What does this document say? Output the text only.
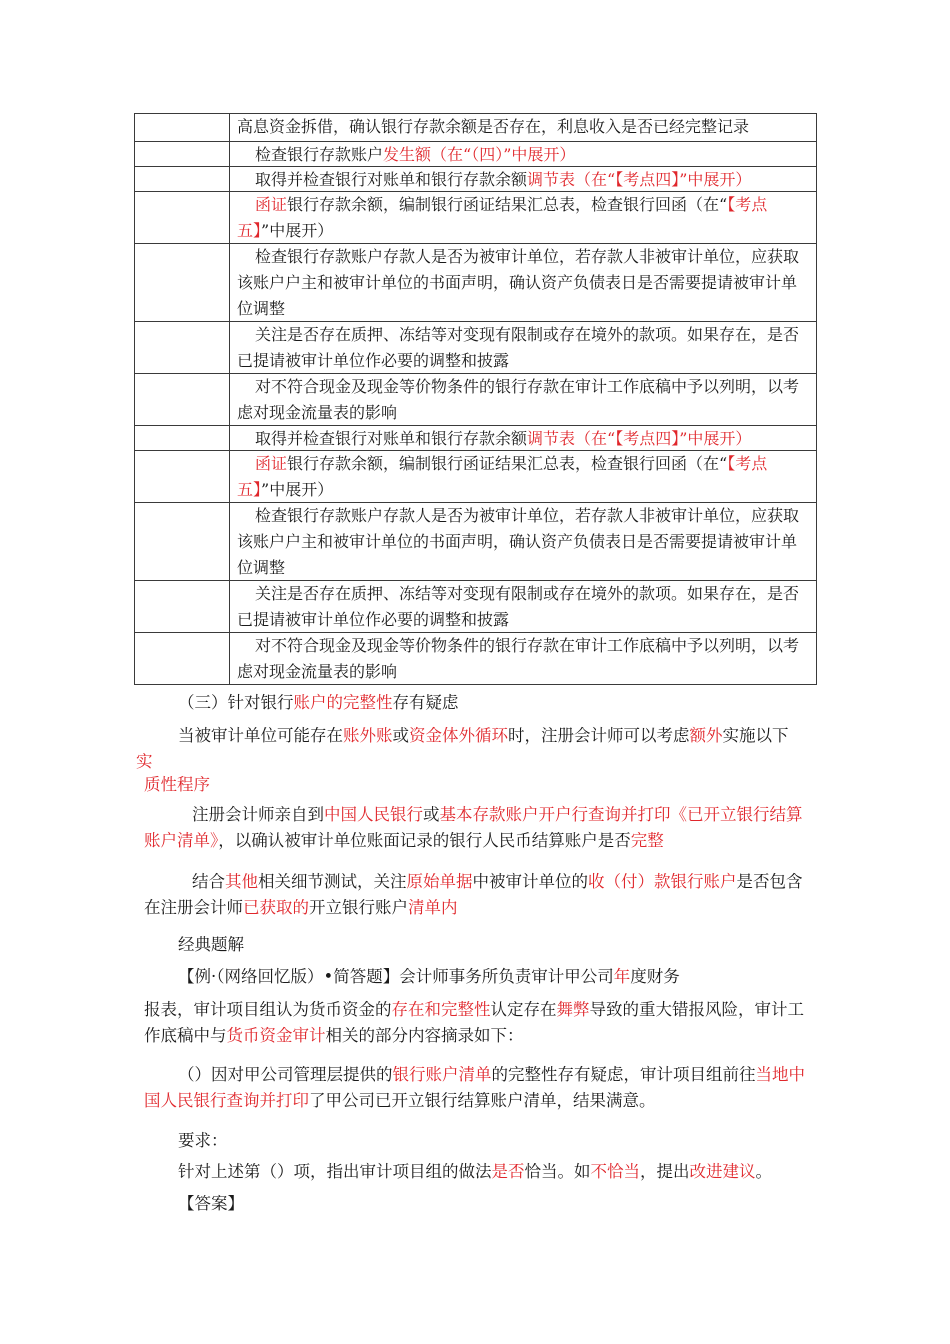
	高息资金拆借，确认银行存款余额是否存在，利息收入是否已经完整记录

	检查银行存款账户发生额（在“（四）”中展开）

	取得并检查银行对账单和银行存款余额调节表（在“【考点四】”中展开）

	函证银行存款余额，编制银行函证结果汇总表，检查银行回函（在“【考点五】”中展开）

	检查银行存款账户存款人是否为被审计单位，若存款人非被审计单位，应获取该账户户主和被审计单位的书面声明，确认资产负债表日是否需要提请被审计单位调整

	关注是否存在质押、冻结等对变现有限制或存在境外的款项。如果存在，是否已提请被审计单位作必要的调整和披露

	对不符合现金及现金等价物条件的银行存款在审计工作底稿中予以列明，以考虑对现金流量表的影响

	取得并检查银行对账单和银行存款余额调节表（在“【考点四】”中展开）

	函证银行存款余额，编制银行函证结果汇总表，检查银行回函（在“【考点五】”中展开）

	检查银行存款账户存款人是否为被审计单位，若存款人非被审计单位，应获取该账户户主和被审计单位的书面声明，确认资产负债表日是否需要提请被审计单位调整

	关注是否存在质押、冻结等对变现有限制或存在境外的款项。如果存在，是否已提请被审计单位作必要的调整和披露

	对不符合现金及现金等价物条件的银行存款在审计工作底稿中予以列明，以考虑对现金流量表的影响

（三）针对银行账户的完整性存有疑虑

当被审计单位可能存在账外账或资金体外循环时，注册会计师可以考虑额外实施以下

实

质性程序

注册会计师亲自到中国人民银行或基本存款账户开户行查询并打印《已开立银行结算账户清单》，以确认被审计单位账面记录的银行人民币结算账户是否完整

结合其他相关细节测试，关注原始单据中被审计单位的收（付）款银行账户是否包含在注册会计师已获取的开立银行账户清单内

经典题解

【例·（网络回忆版）•简答题】会计师事务所负责审计甲公司年度财务

报表，审计项目组认为货币资金的存在和完整性认定存在舞弊导致的重大错报风险，审计工作底稿中与货币资金审计相关的部分内容摘录如下：

（）因对甲公司管理层提供的银行账户清单的完整性存有疑虑，审计项目组前往当地中国人民银行查询并打印了甲公司已开立银行结算账户清单，结果满意。

要求：

针对上述第（）项，指出审计项目组的做法是否恰当。如不恰当，提出改进建议。

【答案】
